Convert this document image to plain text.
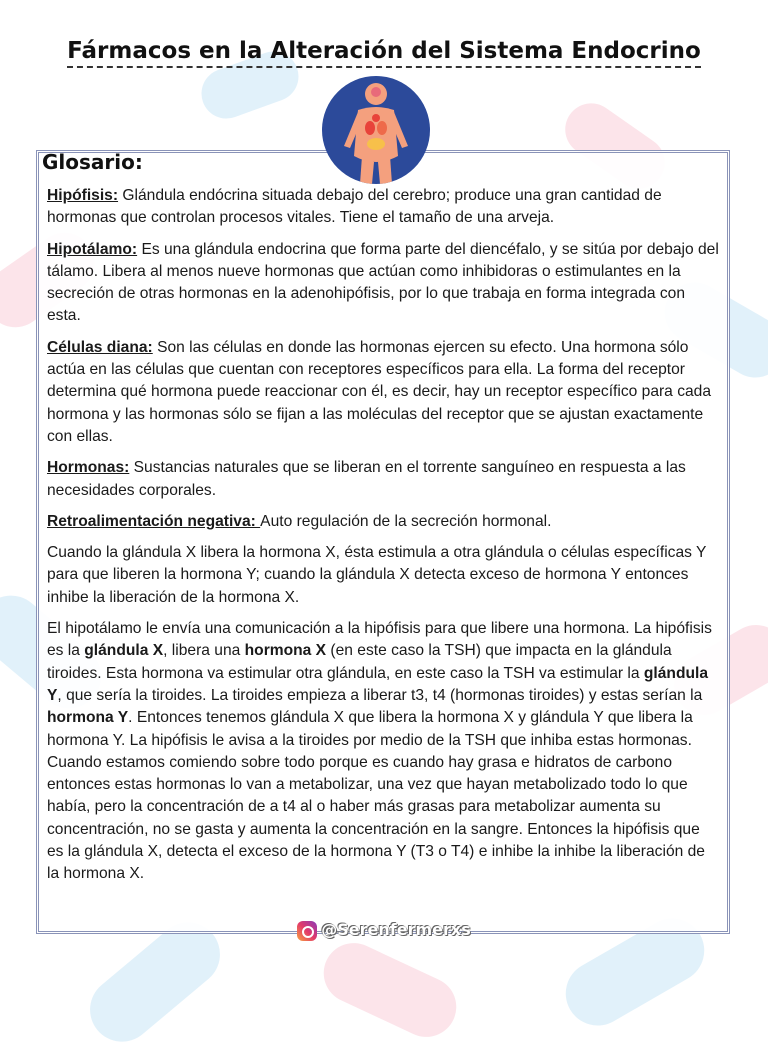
Fármacos en la Alteración del Sistema Endocrino
Glosario:

Hipófisis: Glándula endócrina situada debajo del cerebro; produce una gran cantidad de hormonas que controlan procesos vitales. Tiene el tamaño de una arveja.

Hipotálamo: Es una glándula endocrina que forma parte del diencéfalo, y se sitúa por debajo del tálamo. Libera al menos nueve hormonas que actúan como inhibidoras o estimulantes en la secreción de otras hormonas en la adenohipófisis, por lo que trabaja en forma integrada con esta.

Células diana: Son las células en donde las hormonas ejercen su efecto. Una hormona sólo actúa en las células que cuentan con receptores específicos para ella. La forma del receptor determina qué hormona puede reaccionar con él, es decir, hay un receptor específico para cada hormona y las hormonas sólo se fijan a las moléculas del receptor que se ajustan exactamente con ellas.

Hormonas: Sustancias naturales que se liberan en el torrente sanguíneo en respuesta a las necesidades corporales.

Retroalimentación negativa: Auto regulación de la secreción hormonal.

Cuando la glándula X libera la hormona X, ésta estimula a otra glándula o células específicas Y para que liberen la hormona Y; cuando la glándula X detecta exceso de hormona Y entonces inhibe la liberación de la hormona X.

El hipotálamo le envía una comunicación a la hipófisis para que libere una hormona. La hipófisis es la glándula X, libera una hormona X (en este caso la TSH) que impacta en la glándula tiroides. Esta hormona va estimular otra glándula, en este caso la TSH va estimular la glándula Y, que sería la tiroides. La tiroides empieza a liberar t3, t4 (hormonas tiroides) y estas serían la hormona Y. Entonces tenemos glándula X que libera la hormona X y glándula Y que libera la hormona Y. La hipófisis le avisa a la tiroides por medio de la TSH que inhiba estas hormonas. Cuando estamos comiendo sobre todo porque es cuando hay grasa e hidratos de carbono entonces estas hormonas lo van a metabolizar, una vez que hayan metabolizado todo lo que había, pero la concentración de a t4 al o haber más grasas para metabolizar aumenta su concentración, no se gasta y aumenta la concentración en la sangre. Entonces la hipófisis que es la glándula X, detecta el exceso de la hormona Y (T3 o T4) e inhibe la inhibe la liberación de la hormona X.

@Serenfermerxs
